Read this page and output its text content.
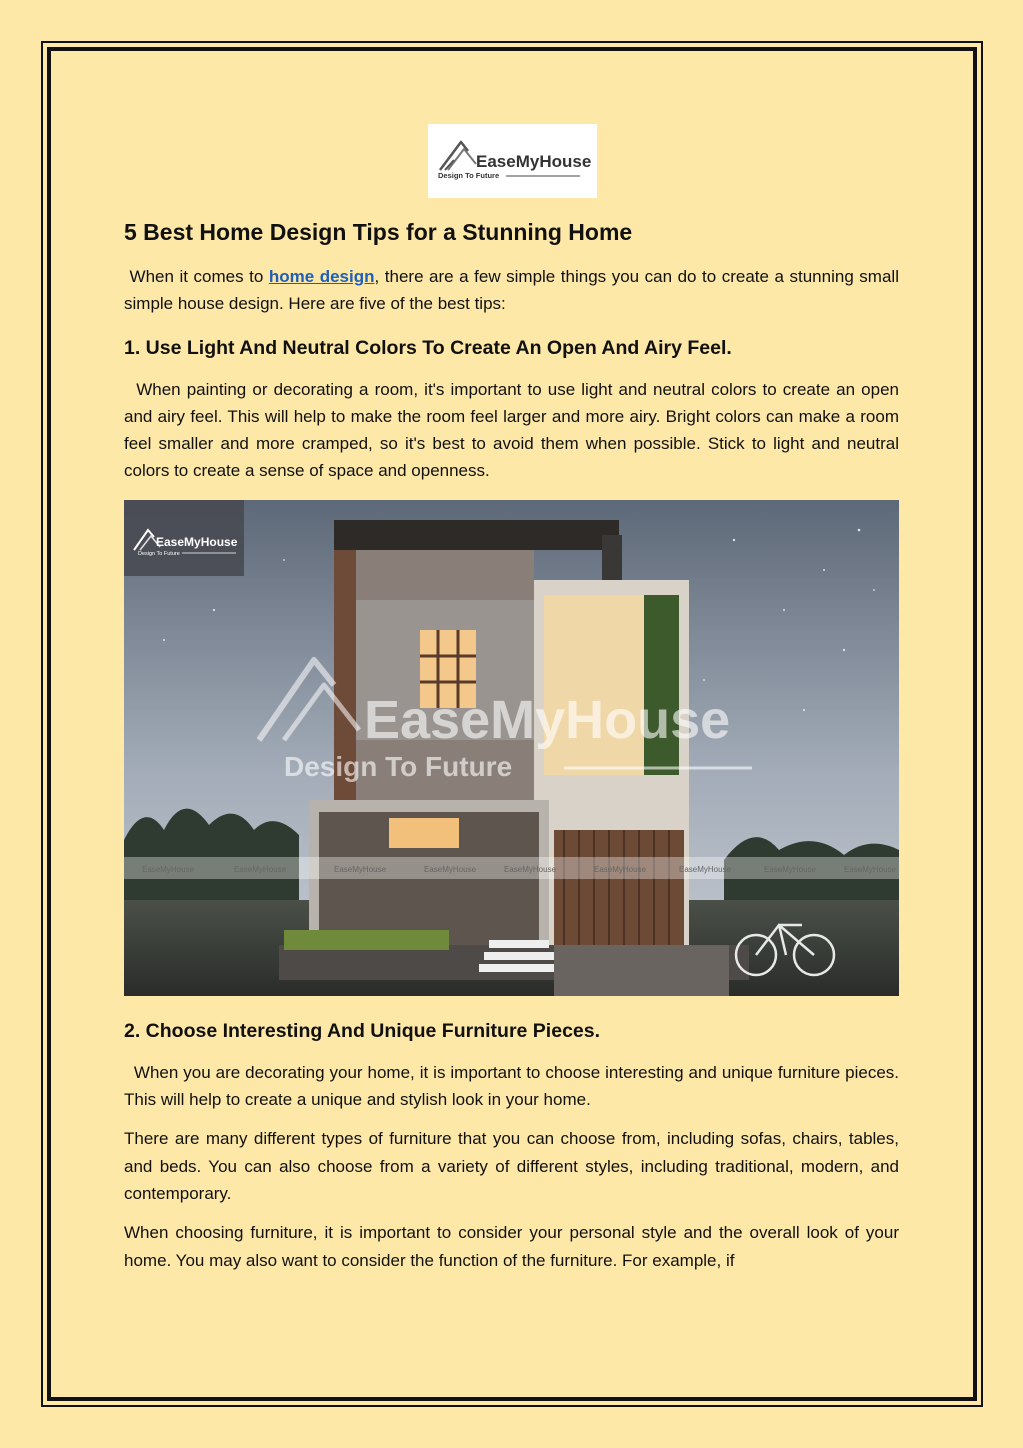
EaseMyHouse
Design To Future
5 Best Home Design Tips for a Stunning Home

When it comes to home design, there are a few simple things you can do to create a stunning small simple house design. Here are five of the best tips:

1. Use Light And Neutral Colors To Create An Open And Airy Feel.

When painting or decorating a room, it's important to use light and neutral colors to create an open and airy feel. This will help to make the room feel larger and more airy. Bright colors can make a room feel smaller and more cramped, so it's best to avoid them when possible. Stick to light and neutral colors to create a sense of space and openness.

EaseMyHouse	EaseMyHouse	EaseMyHouse	EaseMyHouse	EaseMyHouse	EaseMyHouse	EaseMyHouse	EaseMyHouse	EaseMyHouse
EaseMyHouse
Design To Future
EaseMyHouse
Design To Future
2. Choose Interesting And Unique Furniture Pieces.

When you are decorating your home, it is important to choose interesting and unique furniture pieces. This will help to create a unique and stylish look in your home.

There are many different types of furniture that you can choose from, including sofas, chairs, tables, and beds. You can also choose from a variety of different styles, including traditional, modern, and contemporary.

When choosing furniture, it is important to consider your personal style and the overall look of your home. You may also want to consider the function of the furniture. For example, if
